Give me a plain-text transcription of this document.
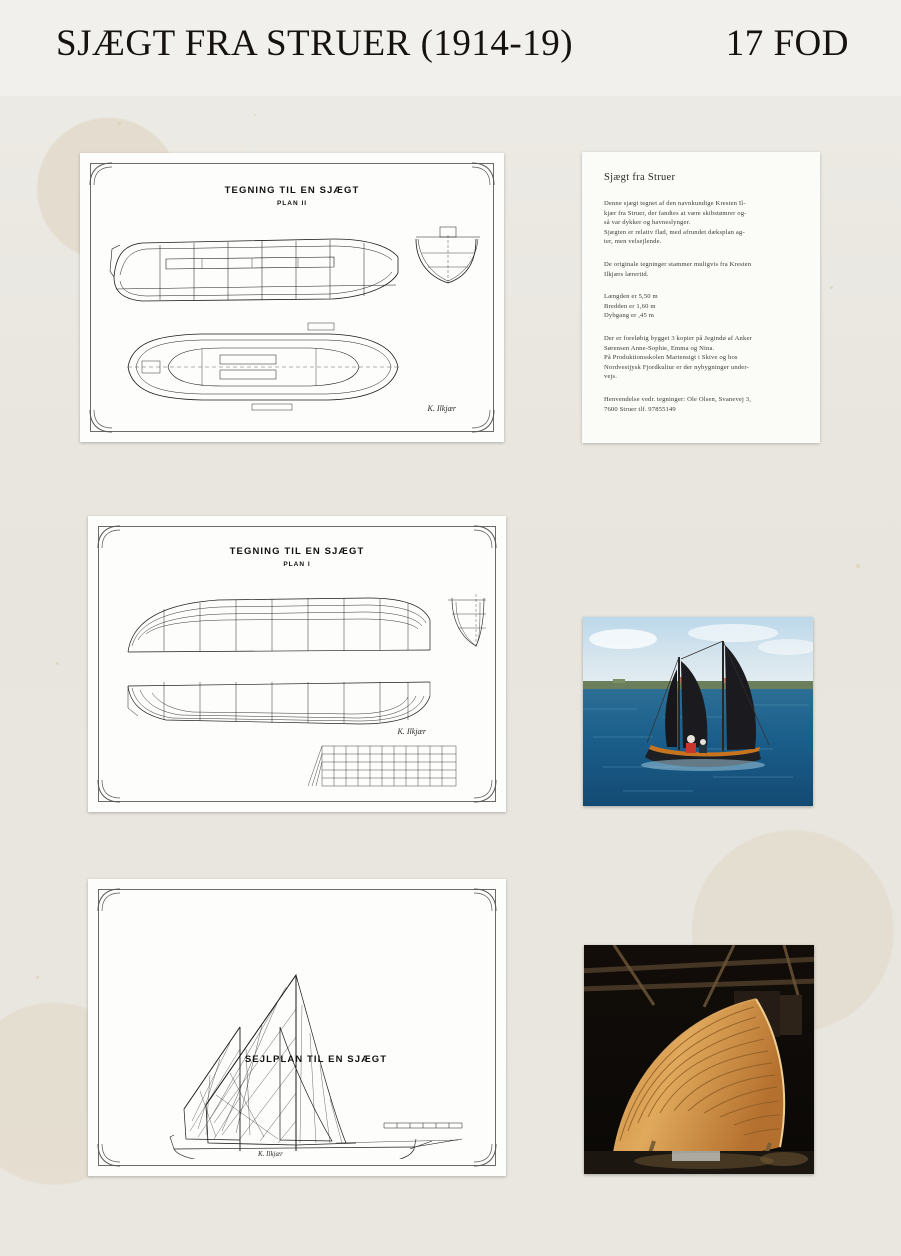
SJÆGT FRA STRUER (1914-19)	17 FOD
TEGNING TIL EN SJÆGT
PLAN II
K. Ilkjær
Sjægt fra Struer

Denne sjægt tegnet af den navnkundige Kresten Il-
kjær fra Struer, der fandtes at være skibstømrer og-
så var dykker og havneslynger.
Sjægten er relativ flad, med afrundet dæksplan ag-
ter, men velsejlende.

De originale tegninger stammer muligvis fra Kresten
Ilkjærs lærertid.

Længden er 5,50 m
Bredden er 1,60 m
Dybgang er ,45 m

Der er foreløbig bygget 3 kopier på Jegindø af Anker
Sørensen Anne-Sophie, Emma og Nina.
På Produktionsskolen Mariensigt i Skive og hos
Nordvestjysk Fjordkultur er der nybygninger under-
vejs.

Henvendelse vedr. tegninger: Ole Olsen, Svanevej 3,
7600 Struer tlf. 97855149

TEGNING TIL EN SJÆGT
PLAN I
K. Ilkjær
SEJLPLAN TIL EN SJÆGT
K. Ilkjær
